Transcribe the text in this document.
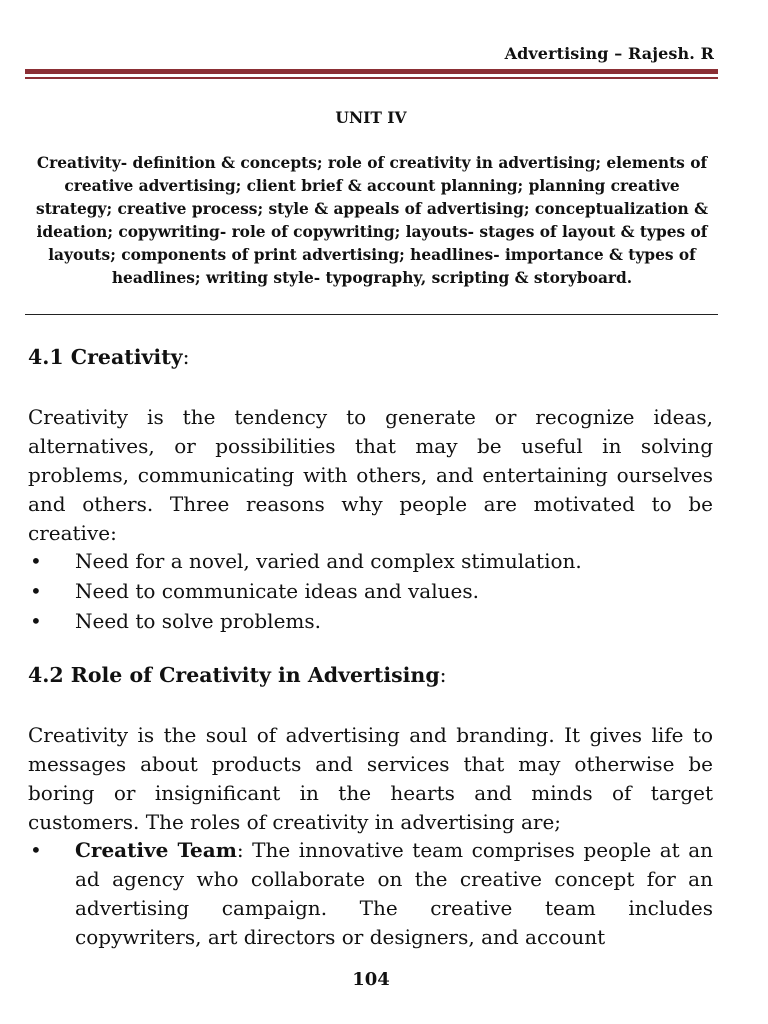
Advertising – Rajesh. R
UNIT IV
Creativity- definition & concepts; role of creativity in advertising; elements of creative advertising; client brief & account planning; planning creative strategy; creative process; style & appeals of advertising; conceptualization & ideation; copywriting- role of copywriting; layouts- stages of layout & types of layouts; components of print advertising; headlines- importance & types of headlines; writing style- typography, scripting & storyboard.
4.1 Creativity:

Creativity is the tendency to generate or recognize ideas, alternatives, or possibilities that may be useful in solving problems, communicating with others, and entertaining ourselves and others. Three reasons why people are motivated to be creative:

• Need for a novel, varied and complex stimulation.
• Need to communicate ideas and values.
• Need to solve problems.
4.2 Role of Creativity in Advertising:

Creativity is the soul of advertising and branding. It gives life to messages about products and services that may otherwise be boring or insignificant in the hearts and minds of target customers. The roles of creativity in advertising are;

• Creative Team: The innovative team comprises people at an ad agency who collaborate on the creative concept for an advertising campaign. The creative team includes copywriters, art directors or designers, and account
104
